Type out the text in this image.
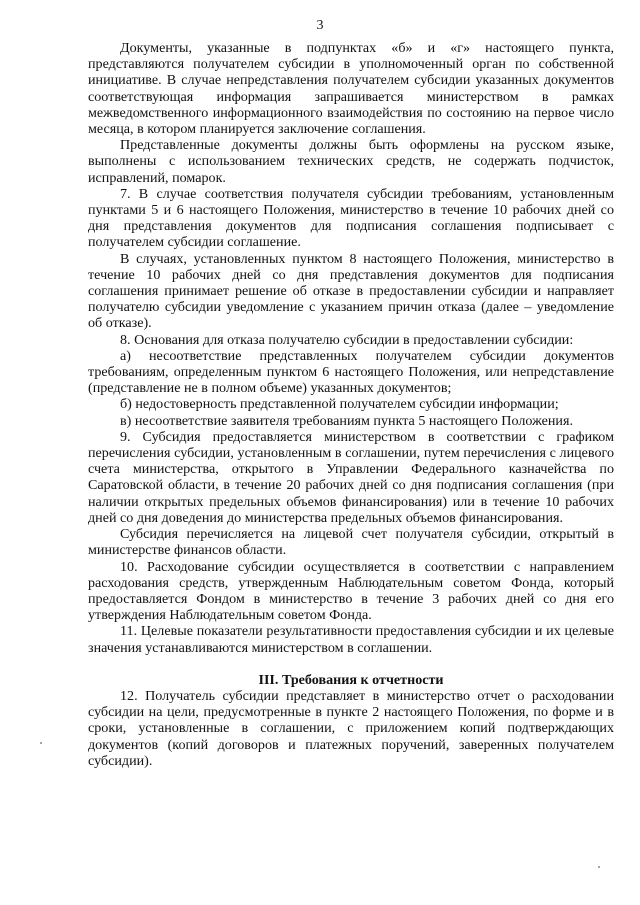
3

Документы, указанные в подпунктах «б» и «г» настоящего пункта, представляются получателем субсидии в уполномоченный орган по собственной инициативе. В случае непредставления получателем субсидии указанных документов соответствующая информация запрашивается министерством в рамках межведомственного информационного взаимодействия по состоянию на первое число месяца, в котором планируется заключение соглашения.

Представленные документы должны быть оформлены на русском языке, выполнены с использованием технических средств, не содержать подчисток, исправлений, помарок.

7. В случае соответствия получателя субсидии требованиям, установленным пунктами 5 и 6 настоящего Положения, министерство в течение 10 рабочих дней со дня представления документов для подписания соглашения подписывает с получателем субсидии соглашение.

В случаях, установленных пунктом 8 настоящего Положения, министерство в течение 10 рабочих дней со дня представления документов для подписания соглашения принимает решение об отказе в предоставлении субсидии и направляет получателю субсидии уведомление с указанием причин отказа (далее – уведомление об отказе).

8. Основания для отказа получателю субсидии в предоставлении субсидии:

а) несоответствие представленных получателем субсидии документов требованиям, определенным пунктом 6 настоящего Положения, или непредставление (представление не в полном объеме) указанных документов;

б) недостоверность представленной получателем субсидии информации;

в) несоответствие заявителя требованиям пункта 5 настоящего Положения.

9. Субсидия предоставляется министерством в соответствии с графиком перечисления субсидии, установленным в соглашении, путем перечисления с лицевого счета министерства, открытого в Управлении Федерального казначейства по Саратовской области, в течение 20 рабочих дней со дня подписания соглашения (при наличии открытых предельных объемов финансирования) или в течение 10 рабочих дней со дня доведения до министерства предельных объемов финансирования.

Субсидия перечисляется на лицевой счет получателя субсидии, открытый в министерстве финансов области.

10. Расходование субсидии осуществляется в соответствии с направлением расходования средств, утвержденным Наблюдательным советом Фонда, который предоставляется Фондом в министерство в течение 3 рабочих дней со дня его утверждения Наблюдательным советом Фонда.

11. Целевые показатели результативности предоставления субсидии и их целевые значения устанавливаются министерством в соглашении.

III. Требования к отчетности

12. Получатель субсидии представляет в министерство отчет о расходовании субсидии на цели, предусмотренные в пункте 2 настоящего Положения, по форме и в сроки, установленные в соглашении, с приложением копий подтверждающих документов (копий договоров и платежных поручений, заверенных получателем субсидии).
